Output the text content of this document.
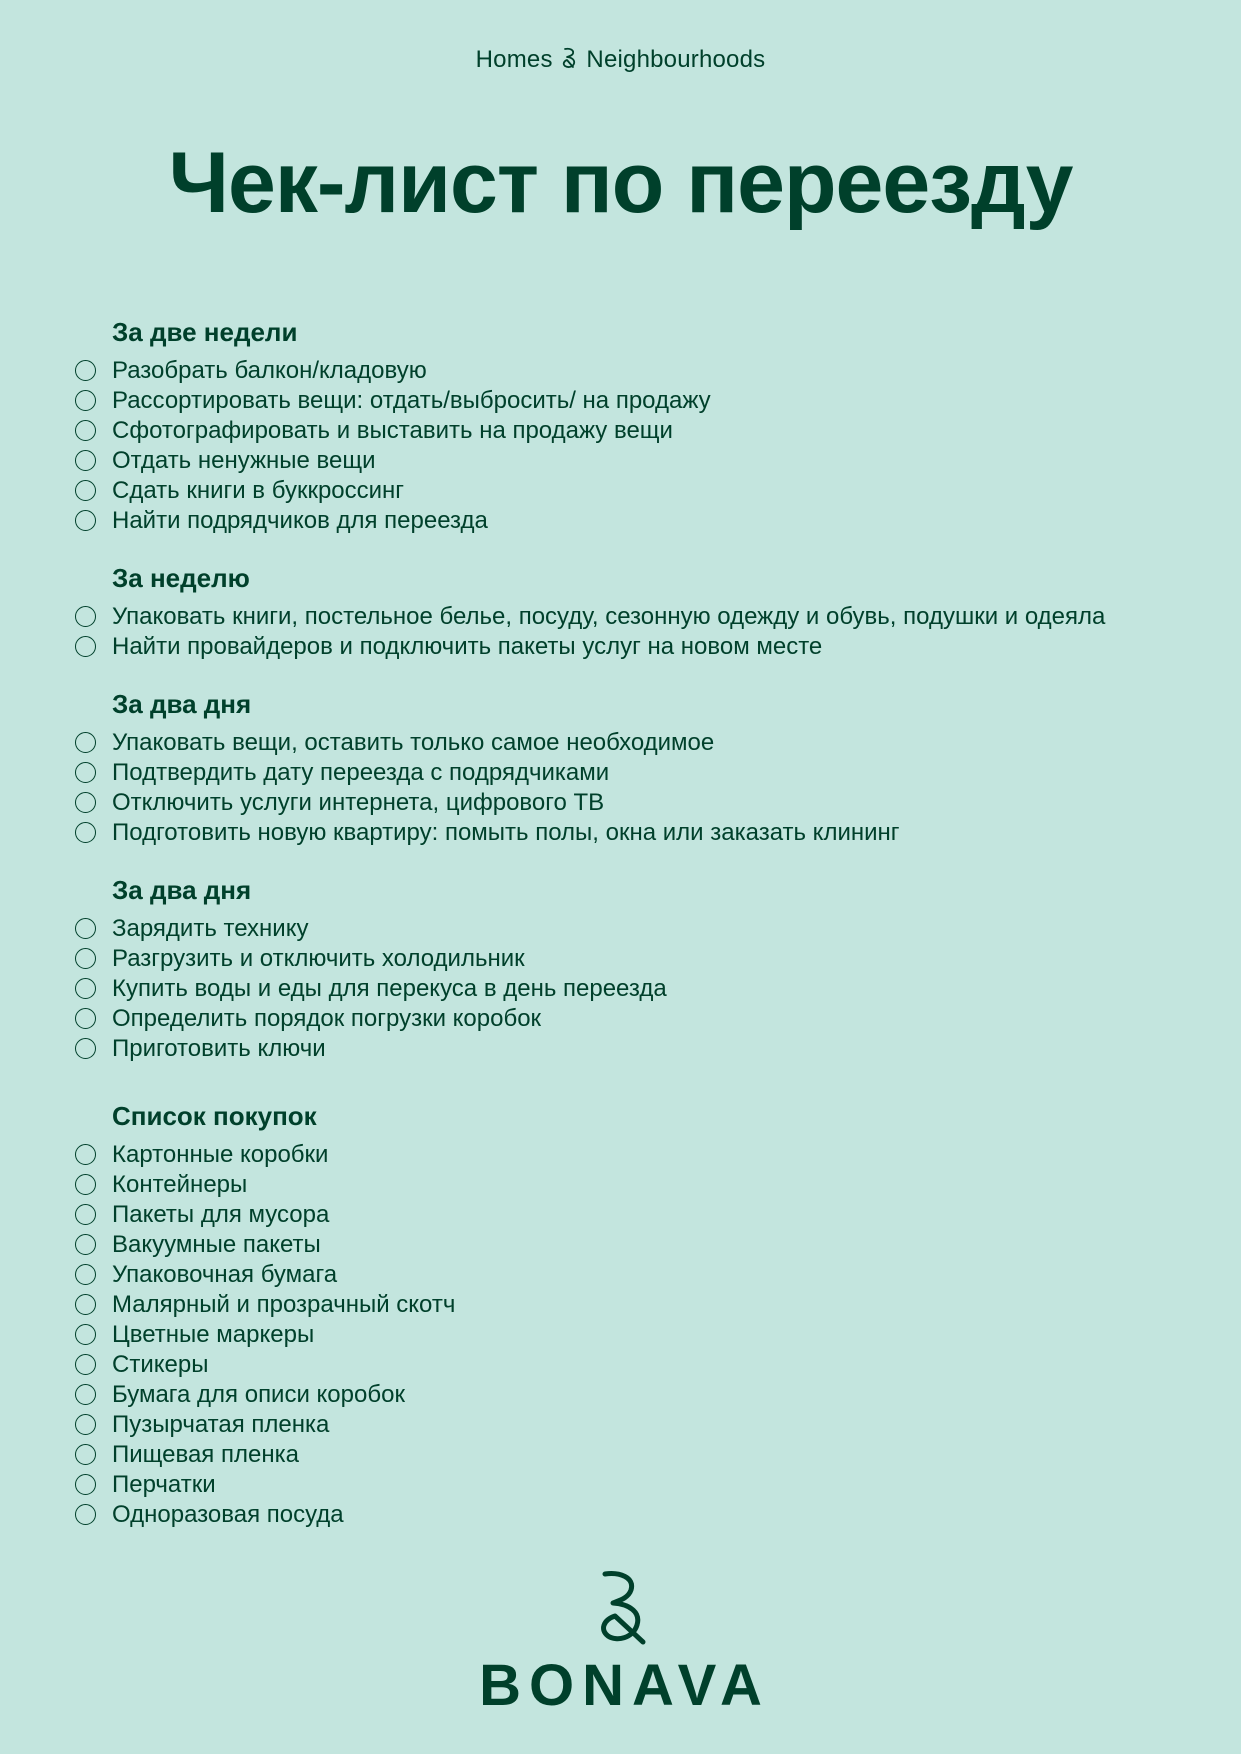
Homes Neighbourhoods
Чек-лист по переезду
За две недели
Разобрать балкон/кладовую
Рассортировать вещи: отдать/выбросить/ на продажу
Сфотографировать и выставить на продажу вещи
Отдать ненужные вещи
Сдать книги в буккроссинг
Найти подрядчиков для переезда
За неделю
Упаковать книги, постельное белье, посуду, сезонную одежду и обувь, подушки и одеяла
Найти провайдеров и подключить пакеты услуг на новом месте
За два дня
Упаковать вещи, оставить только самое необходимое
Подтвердить дату переезда с подрядчиками
Отключить услуги интернета, цифрового ТВ
Подготовить новую квартиру: помыть полы, окна или заказать клининг
За два дня
Зарядить технику
Разгрузить и отключить холодильник
Купить воды и еды для перекуса в день переезда
Определить порядок погрузки коробок
Приготовить ключи
Список покупок
Картонные коробки
Контейнеры
Пакеты для мусора
Вакуумные пакеты
Упаковочная бумага
Малярный и прозрачный скотч
Цветные маркеры
Стикеры
Бумага для описи коробок
Пузырчатая пленка
Пищевая пленка
Перчатки
Одноразовая посуда
BONAVA
